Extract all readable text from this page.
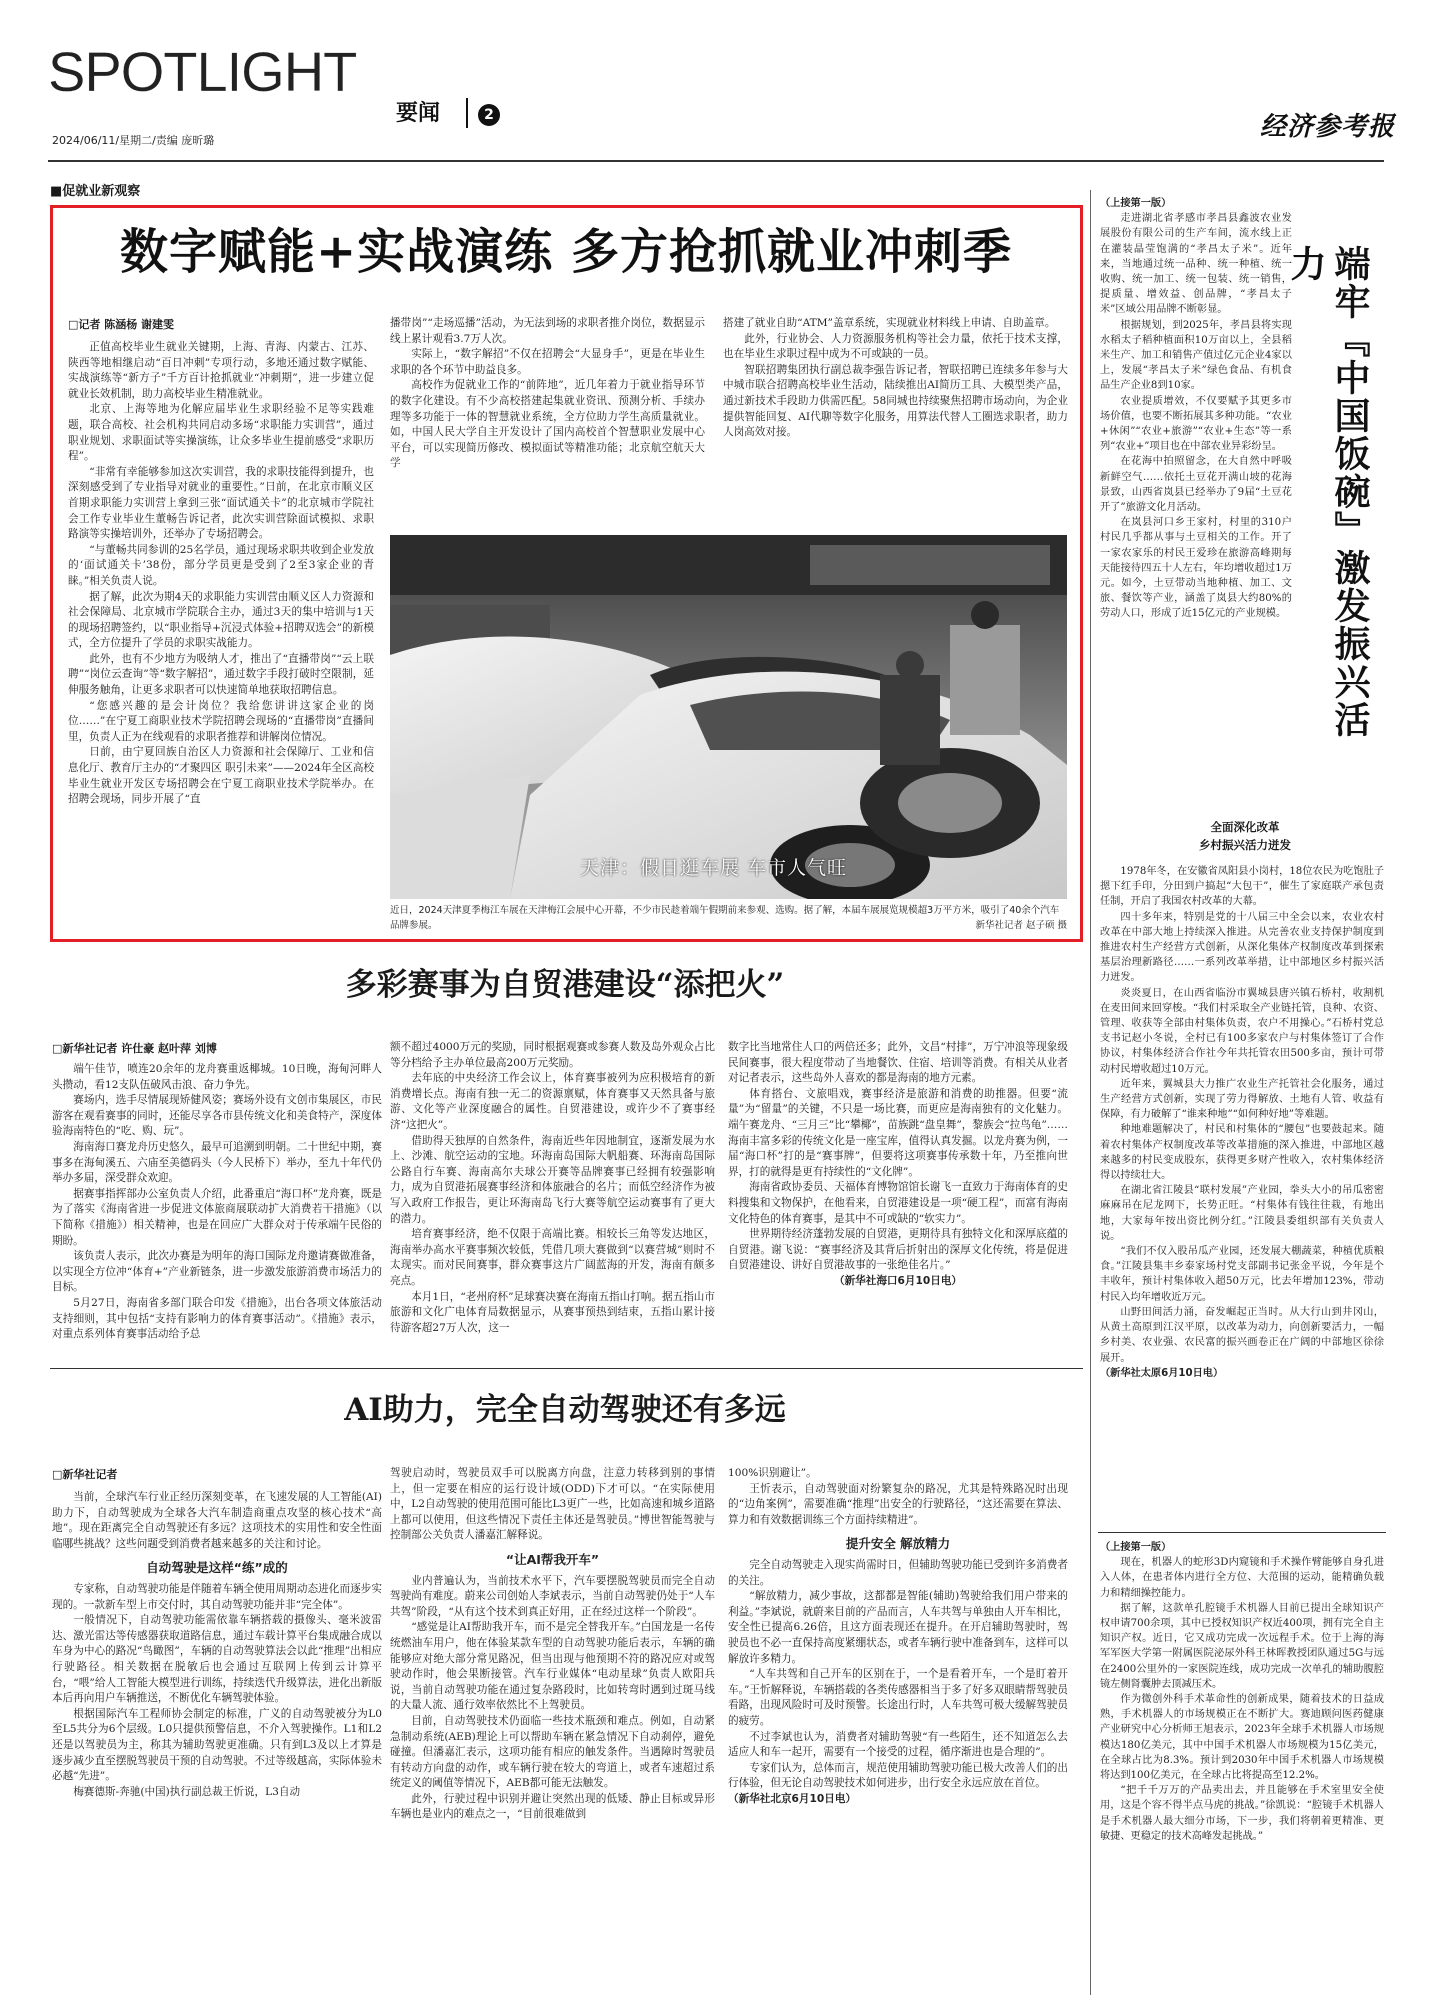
SPOTLIGHT
要闻	2
2024/06/11/星期二/责编 庞昕璐	经济参考报
■促就业新观察
数字赋能+实战演练 多方抢抓就业冲刺季
□记者 陈涵杨 谢建雯

正值高校毕业生就业关键期，上海、青海、内蒙古、江苏、陕西等地相继启动“百日冲刺”专项行动，多地还通过数字赋能、实战演练等“新方子”千方百计抢抓就业“冲刺期”，进一步建立促就业长效机制，助力高校毕业生精准就业。

北京、上海等地为化解应届毕业生求职经验不足等实践难题，联合高校、社会机构共同启动多场“求职能力实训营”，通过职业规划、求职面试等实操演练，让众多毕业生提前感受“求职历程”。

“非常有幸能够参加这次实训营，我的求职技能得到提升，也深刻感受到了专业指导对就业的重要性。”日前，在北京市顺义区首期求职能力实训营上拿到三张“面试通关卡”的北京城市学院社会工作专业毕业生董畅告诉记者，此次实训营除面试模拟、求职路演等实操培训外，还举办了专场招聘会。

“与董畅共同参训的25名学员，通过现场求职共收到企业发放的‘面试通关卡’38份，部分学员更是受到了2至3家企业的青睐。”相关负责人说。

据了解，此次为期4天的求职能力实训营由顺义区人力资源和社会保障局、北京城市学院联合主办，通过3天的集中培训与1天的现场招聘签约，以“职业指导+沉浸式体验+招聘双选会”的新模式，全方位提升了学员的求职实战能力。

此外，也有不少地方为吸纳人才，推出了“直播带岗”“云上联聘”“岗位云查询”等“数字解招”，通过数字手段打破时空限制，延伸服务触角，让更多求职者可以快速简单地获取招聘信息。

“您感兴趣的是会计岗位？我给您讲讲这家企业的岗位……”在宁夏工商职业技术学院招聘会现场的“直播带岗”直播间里，负责人正为在线观看的求职者推荐和讲解岗位情况。

日前，由宁夏回族自治区人力资源和社会保障厅、工业和信息化厅、教育厅主办的“才聚四区 职引未来”——2024年全区高校毕业生就业开发区专场招聘会在宁夏工商职业技术学院举办。在招聘会现场，同步开展了“直

播带岗”“走场巡播”活动，为无法到场的求职者推介岗位，数据显示线上累计观看3.7万人次。

实际上，“数字解招”不仅在招聘会“大显身手”，更是在毕业生求职的各个环节中助益良多。

高校作为促就业工作的“前阵地”，近几年着力于就业指导环节的数字化建设。有不少高校搭建起集就业资讯、预测分析、手续办理等多功能于一体的智慧就业系统，全方位助力学生高质量就业。如，中国人民大学自主开发设计了国内高校首个智慧职业发展中心平台，可以实现简历修改、模拟面试等精准功能；北京航空航天大学

搭建了就业自助“ATM”盖章系统，实现就业材料线上申请、自助盖章。

此外，行业协会、人力资源服务机构等社会力量，依托于技术支撑，也在毕业生求职过程中成为不可或缺的一员。

智联招聘集团执行副总裁李强告诉记者，智联招聘已连续多年参与大中城市联合招聘高校毕业生活动，陆续推出AI简历工具、大模型类产品，通过新技术手段助力供需匹配。58同城也持续聚焦招聘市场动向，为企业提供智能回复、AI代聊等数字化服务，用算法代替人工圈选求职者，助力人岗高效对接。

天津：假日逛车展 车市人气旺
近日，2024天津夏季梅江车展在天津梅江会展中心开幕，不少市民趁着端午假期前来参观、选购。据了解，本届车展展览规模超3万平方米，吸引了40余个汽车品牌参展。	新华社记者 赵子硕 摄
多彩赛事为自贸港建设“添把火”
□新华社记者 许仕豪 赵叶萍 刘博

端午佳节，喷连20余年的龙舟赛重返椰城。10日晚，海甸河畔人头攒动，看12支队伍破风击浪、奋力争先。

赛场内，选手尽情展现矫健风姿；赛场外设有文创市集展区，市民游客在观看赛事的同时，还能尽享各市县传统文化和美食特产，深度体验海南特色的“吃、购、玩”。

海南海口赛龙舟历史悠久，最早可追溯到明朝。二十世纪中期，赛事多在海甸溪五、六庙至美德码头（今人民桥下）举办，至九十年代仍举办多届，深受群众欢迎。

据赛事指挥部办公室负责人介绍，此番重启“海口杯”龙舟赛，既是为了落实《海南省进一步促进文体旅商展联动扩大消费若干措施》（以下简称《措施》）相关精神，也是在回应广大群众对于传承端午民俗的期盼。

该负责人表示，此次办赛是为明年的海口国际龙舟邀请赛做准备，以实现全方位冲“体育+”产业新链条，进一步激发旅游消费市场活力的目标。

5月27日，海南省多部门联合印发《措施》，出台各项文体旅活动支持细则，其中包括“支持有影响力的体育赛事活动”。《措施》表示，对重点系列体育赛事活动给予总

额不超过4000万元的奖励，同时根据观赛或参赛人数及岛外观众占比等分档给予主办单位最高200万元奖励。

去年底的中央经济工作会议上，体育赛事被列为应积极培育的新消费增长点。海南有独一无二的资源禀赋，体育赛事又天然具备与旅游、文化等产业深度融合的属性。自贸港建设，或许少不了赛事经济“这把火”。

借助得天独厚的自然条件，海南近些年因地制宜，逐渐发展为水上、沙滩、航空运动的宝地。环海南岛国际大帆船赛、环海南岛国际公路自行车赛、海南高尔夫球公开赛等品牌赛事已经拥有较强影响力，成为自贸港拓展赛事经济和体旅融合的名片；而低空经济作为被写入政府工作报告，更让环海南岛飞行大赛等航空运动赛事有了更大的潜力。

培育赛事经济，绝不仅限于高端比赛。相较长三角等发达地区，海南举办高水平赛事频次较低，凭借几项大赛做到“以赛营城”则时不太现实。而对民间赛事，群众赛事这片广阔蓝海的开发，海南有颇多亮点。

本月1日，“老州府杯”足球赛决赛在海南五指山打响。据五指山市旅游和文化广电体育局数据显示，从赛事预热到结束，五指山累计接待游客超27万人次，这一

数字比当地常住人口的两倍还多；此外，文昌“村排”，万宁冲浪等现象级民间赛事，很大程度带动了当地餐饮、住宿、培训等消费。有相关从业者对记者表示，这些岛外人喜欢的都是海南的地方元素。

体育搭台、文旅唱戏，赛事经济是旅游和消费的助推器。但要“流量”为“留量”的关键，不只是一场比赛，而更应是海南独有的文化魅力。端午赛龙舟、“三月三”比“攀椰”，苗族跳“盘皇舞”，黎族会“拉鸟龟”……海南丰富多彩的传统文化是一座宝库，值得认真发掘。以龙舟赛为例，一届“海口杯”打的是“赛事牌”，但要将这项赛事传承数十年，乃至推向世界，打的就得是更有持续性的“文化牌”。

海南省政协委员、天福体育博物馆馆长谢飞一直致力于海南体育的史料搜集和文物保护，在他看来，自贸港建设是一项“硬工程”，而富有海南文化特色的体育赛事，是其中不可或缺的“软实力”。

世界期待经济蓬勃发展的自贸港，更期待具有独特文化和深厚底蕴的自贸港。谢飞说：“赛事经济及其背后折射出的深厚文化传统，将是促进自贸港建设、讲好自贸港故事的一张绝佳名片。”

（新华社海口6月10日电）
AI助力，完全自动驾驶还有多远
□新华社记者

当前，全球汽车行业正经历深刻变革，在飞速发展的人工智能(AI)助力下，自动驾驶成为全球各大汽车制造商重点攻坚的核心技术“高地”。现在距离完全自动驾驶还有多远？这项技术的实用性和安全性面临哪些挑战？这些问题受到消费者越来越多的关注和讨论。

自动驾驶是这样“练”成的

专家称，自动驾驶功能是伴随着车辆全使用周期动态进化而逐步实现的。一款新车型上市交付时，其自动驾驶功能并非“完全体”。

一般情况下，自动驾驶功能需依靠车辆搭载的摄像头、毫米波雷达、激光雷达等传感器获取道路信息，通过车载计算平台集成融合成以车身为中心的路况“鸟瞰图”，车辆的自动驾驶算法会以此“推理”出相应行驶路径。相关数据在脱敏后也会通过互联网上传到云计算平台，“喂”给人工智能大模型进行训练，持续迭代升级算法，进化出新版本后再向用户车辆推送，不断优化车辆驾驶体验。

根据国际汽车工程师协会制定的标准，广义的自动驾驶被分为L0至L5共分为6个层级。L0只提供预警信息，不介入驾驶操作。L1和L2还是以驾驶员为主，称其为辅助驾驶更准确。只有到L3及以上才算是逐步减少直至摆脱驾驶员干预的自动驾驶。不过等级越高，实际体验未必越“先进”。

梅赛德斯-奔驰(中国)执行副总裁王忻说，L3自动

驾驶启动时，驾驶员双手可以脱离方向盘，注意力转移到别的事情上，但一定要在相应的运行设计域(ODD)下才可以。“在实际使用中，L2自动驾驶的使用范围可能比L3更广一些，比如高速和城乡道路上都可以使用，但这些情况下责任主体还是驾驶员。”博世智能驾驶与控制部公关负责人潘嘉汇解释说。

“让AI帮我开车”

业内普遍认为，当前技术水平下，汽车要摆脱驾驶员而完全自动驾驶尚有难度。蔚来公司创始人李斌表示，当前自动驾驶仍处于“人车共驾”阶段，“从有这个技术到真正好用，正在经过这样一个阶段”。

“感觉是让AI帮助我开车，而不是完全替我开车。”白国龙是一名传统燃油车用户，他在体验某款车型的自动驾驶功能后表示，车辆的确能够应对绝大部分常见路况，但当出现与他预期不符的路况应对或驾驶动作时，他会果断接管。汽车行业媒体“电动星球”负责人欧阳兵说，当前自动驾驶功能在通过复杂路段时，比如转弯时遇到过斑马线的大量人流、通行效率依然比不上驾驶员。

目前，自动驾驶技术仍面临一些技术瓶颈和难点。例如，自动紧急制动系统(AEB)理论上可以帮助车辆在紧急情况下自动刹停，避免碰撞。但潘嘉汇表示，这项功能有相应的触发条件。当遇障时驾驶员有转动方向盘的动作，或车辆行驶在较大的弯道上，或者车速超过系统定义的阈值等情况下，AEB都可能无法触发。

此外，行驶过程中识别并避让突然出现的低矮、静止目标或异形车辆也是业内的难点之一，“目前很难做到

100%识别避让”。

王忻表示，自动驾驶面对纷繁复杂的路况，尤其是特殊路况时出现的“边角案例”，需要准确“推理”出安全的行驶路径，“这还需要在算法、算力和有效数据训练三个方面持续精进”。

提升安全 解放精力

完全自动驾驶走入现实尚需时日，但辅助驾驶功能已受到许多消费者的关注。

“解放精力，减少事故，这都都是智能(辅助)驾驶给我们用户带来的利益。”李斌说，就蔚来目前的产品而言，人车共驾与单独由人开车相比，安全性已提高6.26倍，且这方面表现还在提升。在开启辅助驾驶时，驾驶员也不必一直保持高度紧绷状态，或者车辆行驶中准备到车，这样可以解放许多精力。

“人车共驾和自己开车的区别在于，一个是看着开车，一个是盯着开车。”王忻解释说，车辆搭载的各类传感器相当于多了好多双眼睛帮驾驶员看路，出现风险时可及时预警。长途出行时，人车共驾可极大缓解驾驶员的疲劳。

不过李斌也认为，消费者对辅助驾驶“有一些陌生，还不知道怎么去适应人和车一起开，需要有一个接受的过程，循序渐进也是合理的”。

专家们认为，总体而言，规范使用辅助驾驶功能已极大改善人们的出行体验，但无论自动驾驶技术如何进步，出行安全永远应放在首位。

（新华社北京6月10日电）
（上接第一版）

走进湖北省孝感市孝昌县鑫波农业发展股份有限公司的生产车间，流水线上正在灌装晶莹饱满的“孝昌太子米”。近年来，当地通过统一品种、统一种植、统一收购、统一加工、统一包装、统一销售，提质量、增效益、创品牌，“孝昌太子米”区域公用品牌不断彰显。

根据规划，到2025年，孝昌县将实现水稻太子稻种植面积10万亩以上，全县稻米生产、加工和销售产值过亿元企业4家以上，发展“孝昌太子米”绿色食品、有机食品生产企业8到10家。

农业提质增效，不仅要赋予其更多市场价值，也要不断拓展其多种功能。“农业+休闲”“农业+旅游”“农业+生态”等一系列“农业+”项目也在中部农业异彩纷呈。

在花海中拍照留念，在大自然中呼吸新鲜空气……依托土豆花开满山坡的花海景致，山西省岚县已经举办了9届“土豆花开了”旅游文化月活动。

在岚县河口乡王家村，村里的310户村民几乎都从事与土豆相关的工作。开了一家农家乐的村民王爱珍在旅游高峰期每天能接待四五十人左右，年均增收超过1万元。如今，土豆带动当地种植、加工、文旅、餐饮等产业，涵盖了岚县大约80%的劳动人口，形成了近15亿元的产业规模。	端牢『中国饭碗』激发振兴活力
全面深化改革
乡村振兴活力迸发

1978年冬，在安徽省凤阳县小岗村，18位农民为吃饱肚子摁下红手印，分田到户搞起“大包干”，催生了家庭联产承包责任制，开启了我国农村改革的大幕。

四十多年来，特别是党的十八届三中全会以来，农业农村改革在中部大地上持续深入推进。从完善农业支持保护制度到推进农村生产经营方式创新，从深化集体产权制度改革到探索基层治理新路径……一系列改革举措，让中部地区乡村振兴活力迸发。

炎炎夏日，在山西省临汾市翼城县唐兴镇石桥村，收割机在麦田间来回穿梭。“我们村采取全产业链托管，良种、农资、管理、收获等全部由村集体负责，农户不用操心。”石桥村党总支书记赵小冬说，全村已有100多家农户与村集体签订了合作协议，村集体经济合作社今年共托管农田500多亩，预计可带动村民增收超过10万元。

近年来，翼城县大力推广农业生产托管社会化服务，通过生产经营方式创新，实现了劳力得解放、土地有人管、收益有保障，有力破解了“谁来种地”“如何种好地”等难题。

种地难题解决了，村民和村集体的“腰包”也要鼓起来。随着农村集体产权制度改革等改革措施的深入推进，中部地区越来越多的村民变成股东，获得更多财产性收入，农村集体经济得以持续壮大。

在湖北省江陵县“联村发展”产业园，拳头大小的吊瓜密密麻麻吊在尼龙网下，长势正旺。“村集体有钱往往栽，有地出地，大家每年按出资比例分红。”江陵县委组织部有关负责人说。

“我们不仅入股吊瓜产业园，还发展大棚蔬菜，种植优质粮食。”江陵县集丰乡泰家场村党支部副书记张金平说，今年是个丰收年，预计村集体收入超50万元，比去年增加123%，带动村民入均年增收近万元。

山野田间活力涌，奋发崛起正当时。从大行山到井冈山，从黄土高原到江汉平原，以改革为动力，向创新要活力，一幅乡村美、农业强、农民富的振兴画卷正在广阔的中部地区徐徐展开。

（新华社太原6月10日电）
（上接第一版）

现在，机器人的蛇形3D内窥镜和手术操作臂能够自身孔进入人体，在患者体内进行全方位、大范围的运动，能精确负载力和精细操控能力。

据了解，这款单孔腔镜手术机器人目前已提出全球知识产权申请700余项，其中已授权知识产权近400项，拥有完全自主知识产权。近日，它又成功完成一次远程手术。位于上海的海军军医大学第一附属医院泌尿外科王林晖教授团队通过5G与远在2400公里外的一家医院连线，成功完成一次单孔的辅助腹腔镜左侧肾囊肿去顶减压术。

作为微创外科手术革命性的创新成果，随着技术的日益成熟，手术机器人的市场规模正在不断扩大。赛迪顾问医药健康产业研究中心分析师王旭表示，2023年全球手术机器人市场规模达180亿美元，其中中国手术机器人市场规模为15亿美元，在全球占比为8.3%。预计到2030年中国手术机器人市场规模将达到100亿美元，在全球占比将提高至12.2%。

“把千千万万的产品卖出去，并且能够在手术室里安全使用，这是个容不得半点马虎的挑战。”徐凯说：“腔镜手术机器人是手术机器人最大细分市场，下一步，我们将朝着更精准、更敏捷、更稳定的技术高峰发起挑战。”
